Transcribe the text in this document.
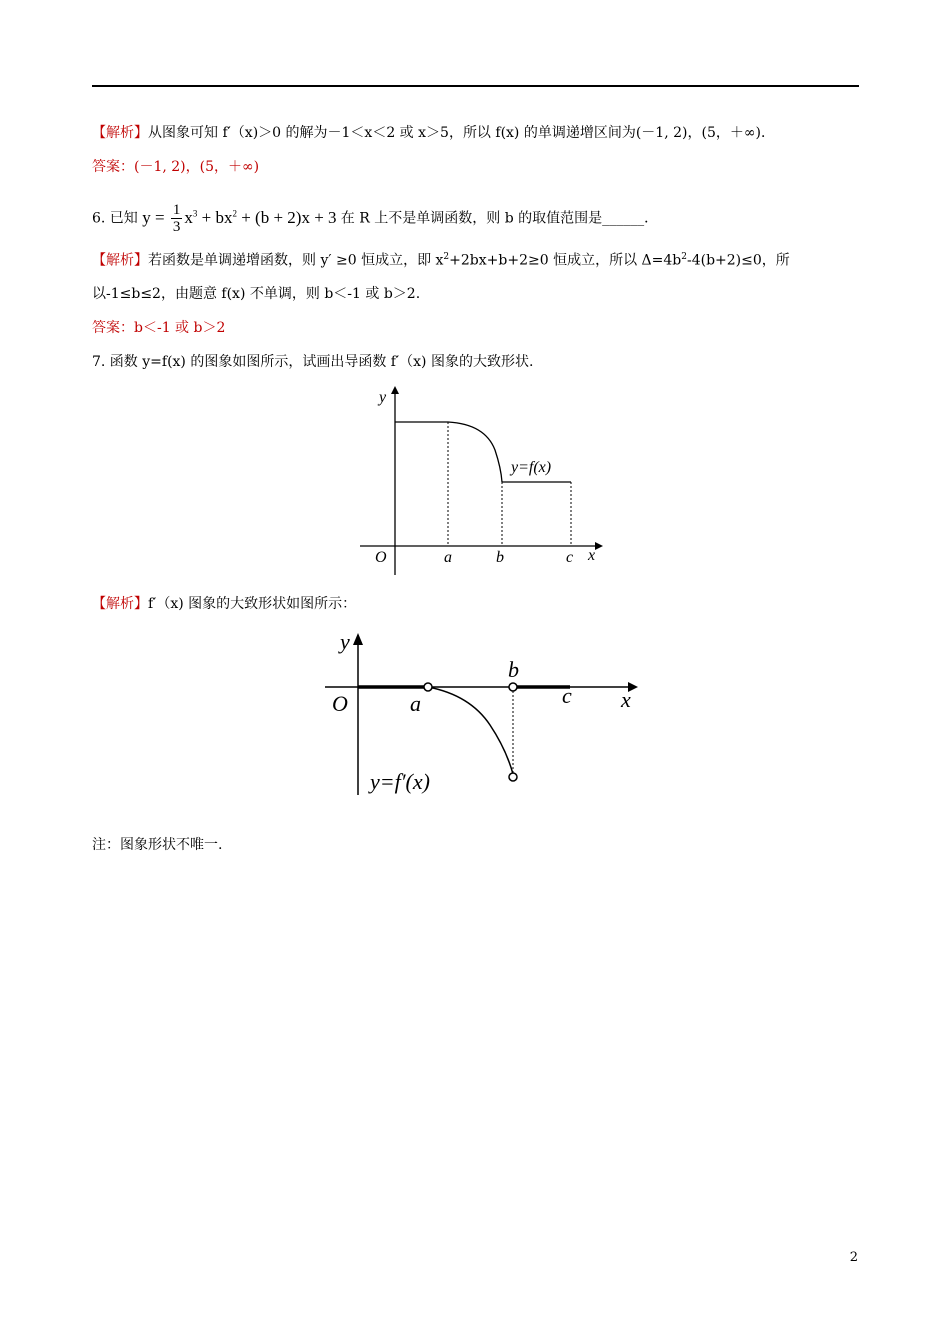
【解析】从图象可知 f′（x)＞0 的解为－1＜x＜2 或 x＞5，所以 f(x) 的单调递增区间为(－1, 2)，(5，＋∞)．
答案：(－1, 2)，(5，＋∞)
6. 已知 $y = \frac{1}{3} x^3 + bx^2 + (b + 2)x + 3$ 在 R 上不是单调函数，则 b 的取值范围是______．
【解析】若函数是单调递增函数，则 y′ ≥0 恒成立，即 $x^2+2bx+b+2\ge 0$ 恒成立，所以 $\Delta=4b^2-4(b+2)\le 0$，所
以-1≤b≤2，由题意 f(x) 不单调，则 b＜-1 或 b＞2.
答案：b＜-1 或 b＞2
7. 函数 y=f(x) 的图象如图所示，试画出导函数 f′（x) 图象的大致形状.
y
O	a	b	c x
y=f(x)
【解析】f′（x) 图象的大致形状如图所示：
y
O	a
b
c x
y=f′(x)
注：图象形状不唯一.
2
